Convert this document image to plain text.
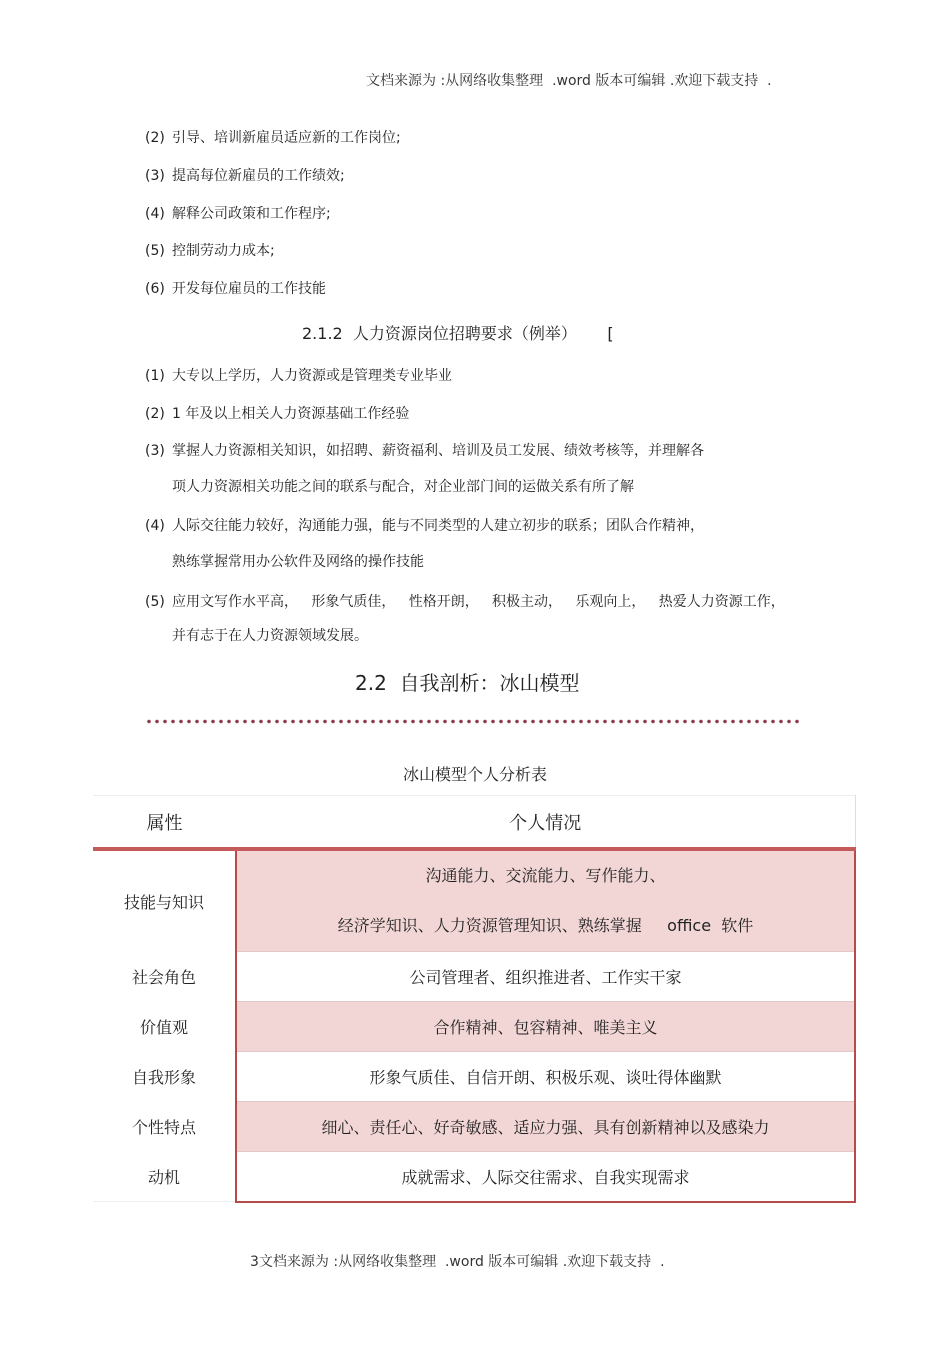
文档来源为 :从网络收集整理  .word 版本可编辑 .欢迎下载支持  .
(2) 引导、培训新雇员适应新的工作岗位;
(3) 提高每位新雇员的工作绩效;
(4) 解释公司政策和工作程序;
(5) 控制劳动力成本;
(6) 开发每位雇员的工作技能
2.1.2  人力资源岗位招聘要求（例举）      [
(1) 大专以上学历，人力资源或是管理类专业毕业
(2) 1 年及以上相关人力资源基础工作经验
(3) 掌握人力资源相关知识，如招聘、薪资福利、培训及员工发展、绩效考核等，并理解各
项人力资源相关功能之间的联系与配合，对企业部门间的运做关系有所了解
(4) 人际交往能力较好，沟通能力强，能与不同类型的人建立初步的联系；团队合作精神，
熟练掌握常用办公软件及网络的操作技能
(5) 应用文写作水平高，   形象气质佳，   性格开朗，   积极主动，   乐观向上，   热爱人力资源工作，
并有志于在人力资源领域发展。
2.2  自我剖析：冰山模型
冰山模型个人分析表
属性	个人情况
技能与知识	沟通能力、交流能力、写作能力、
经济学知识、人力资源管理知识、熟练掌握     office  软件

社会角色	公司管理者、组织推进者、工作实干家
价值观	合作精神、包容精神、唯美主义
自我形象	形象气质佳、自信开朗、积极乐观、谈吐得体幽默
个性特点	细心、责任心、好奇敏感、适应力强、具有创新精神以及感染力
动机	成就需求、人际交往需求、自我实现需求
3文档来源为 :从网络收集整理  .word 版本可编辑 .欢迎下载支持  .
